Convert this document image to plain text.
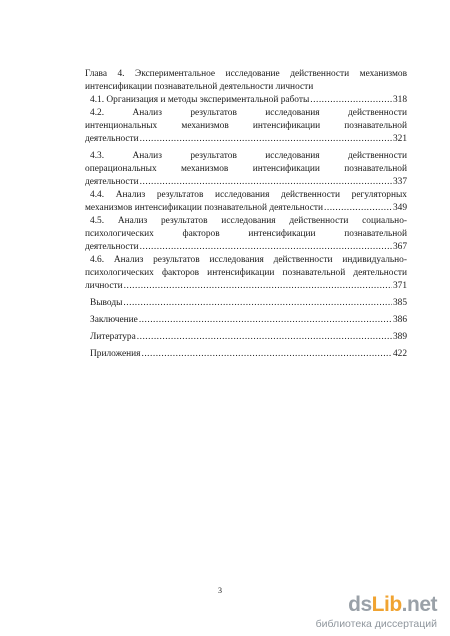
Глава 4. Экспериментальное исследование действенности механизмов
интенсификации познавательной деятельности личности
4.1. Организация и методы экспериментальной работы .....	318
4.2. Анализ результатов исследования действенности
интенциональных механизмов интенсификации познавательной
деятельности .....	321
4.3. Анализ результатов исследования действенности
операциональных механизмов интенсификации познавательной
деятельности .....	337
4.4. Анализ результатов исследования действенности регуляторных
механизмов интенсификации познавательной деятельности .....	349
4.5. Анализ результатов исследования действенности социально-
психологических факторов интенсификации познавательной
деятельности .....	367
4.6. Анализ результатов исследования действенности индивидуально-
психологических факторов интенсификации познавательной деятельности
личности .....	371
Выводы .....	385
Заключение .....	386
Литература .....	389
Приложения .....	422
3
dsLib.net
библиотека диссертаций
